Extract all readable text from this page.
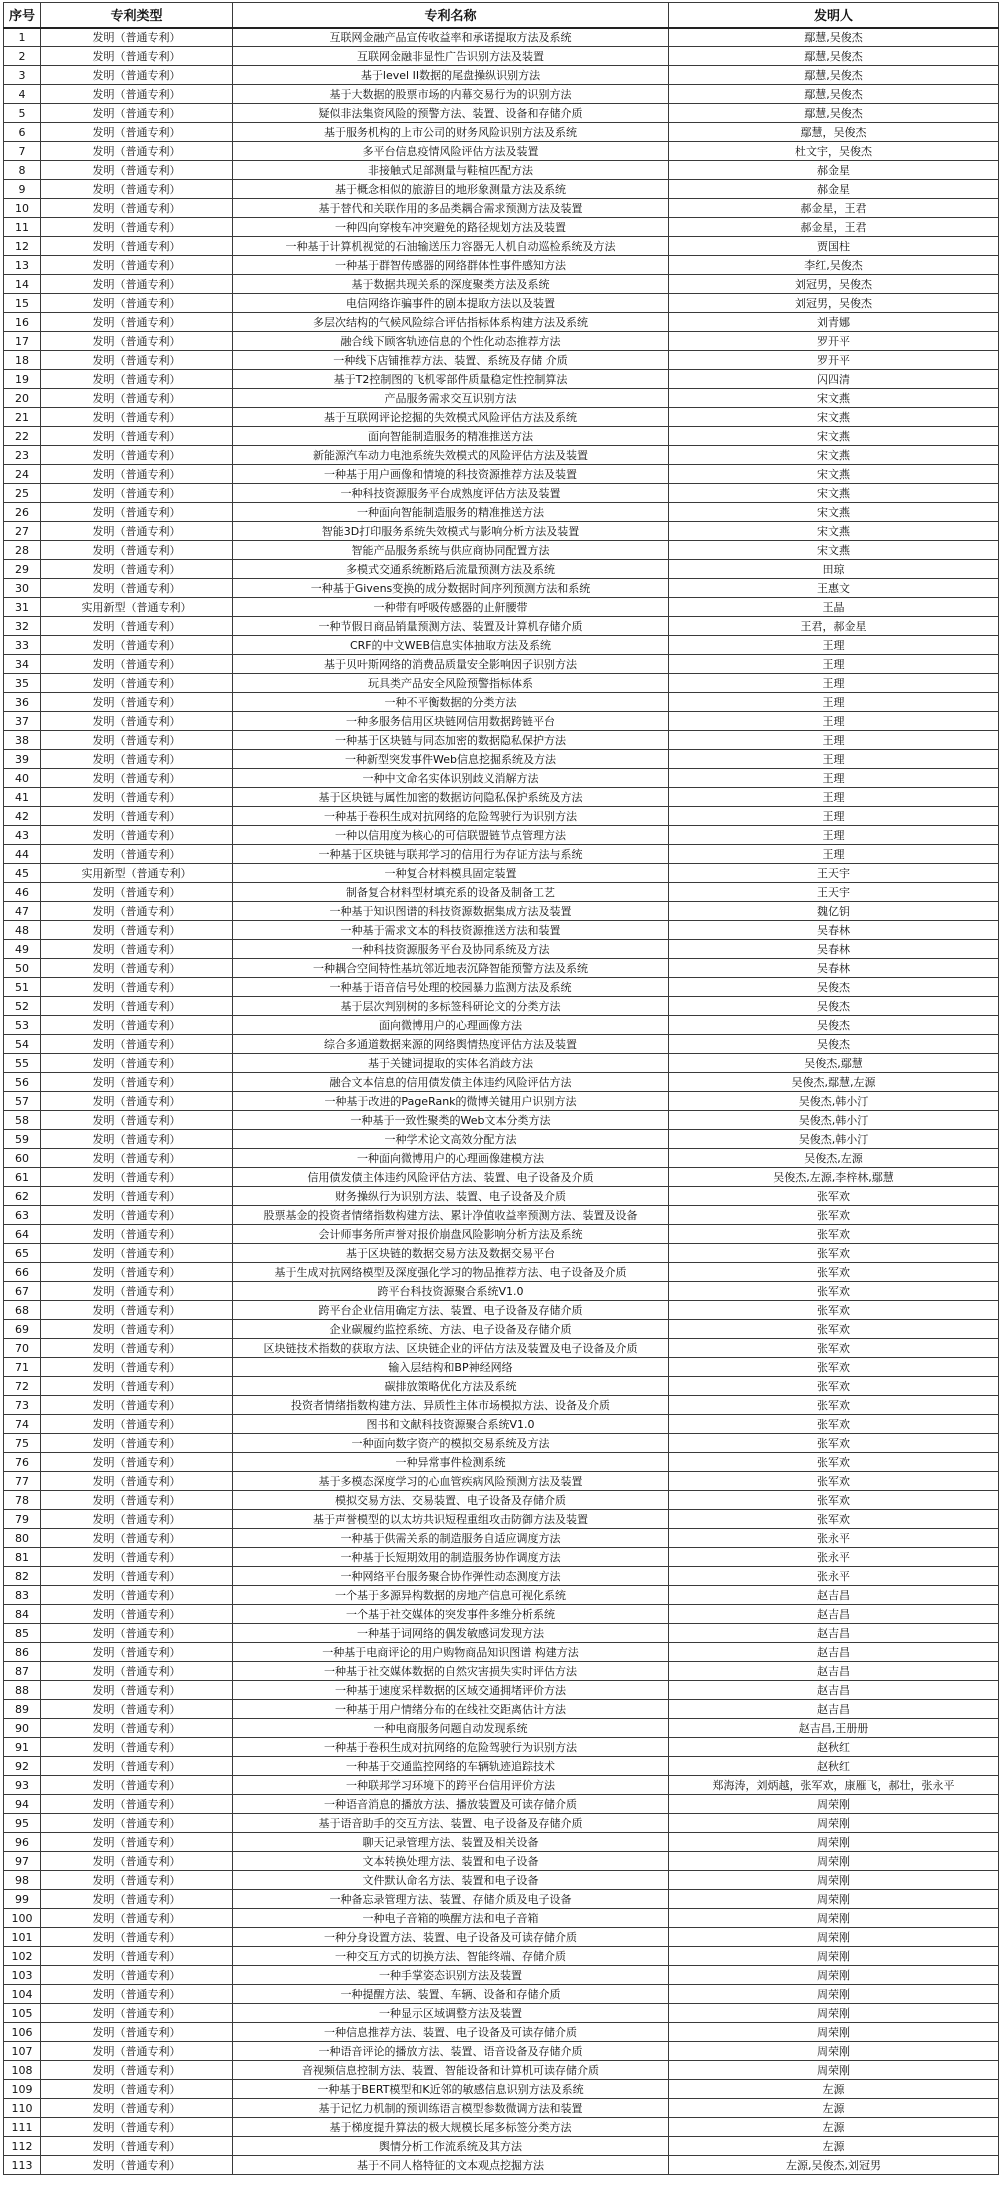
序号	专利类型	专利名称	发明人
1	发明（普通专利）	互联网金融产品宣传收益率和承诺提取方法及系统	鄢慧,吴俊杰
2	发明（普通专利）	互联网金融非显性广告识别方法及装置	鄢慧,吴俊杰
3	发明（普通专利）	基于level II数据的尾盘操纵识别方法	鄢慧,吴俊杰
4	发明（普通专利）	基于大数据的股票市场的内幕交易行为的识别方法	鄢慧,吴俊杰
5	发明（普通专利）	疑似非法集资风险的预警方法、装置、设备和存储介质	鄢慧,吴俊杰
6	发明（普通专利）	基于服务机构的上市公司的财务风险识别方法及系统	鄢慧，吴俊杰
7	发明（普通专利）	多平台信息疫情风险评估方法及装置	杜文宇，吴俊杰
8	发明（普通专利）	非接触式足部测量与鞋楦匹配方法	郝金星
9	发明（普通专利）	基于概念相似的旅游目的地形象测量方法及系统	郝金星
10	发明（普通专利）	基于替代和关联作用的多品类耦合需求预测方法及装置	郝金星，王君
11	发明（普通专利）	一种四向穿梭车冲突避免的路径规划方法及装置	郝金星，王君
12	发明（普通专利）	一种基于计算机视觉的石油输送压力容器无人机自动巡检系统及方法	贾国柱
13	发明（普通专利）	一种基于群智传感器的网络群体性事件感知方法	李红,吴俊杰
14	发明（普通专利）	基于数据共现关系的深度聚类方法及系统	刘冠男，吴俊杰
15	发明（普通专利）	电信网络诈骗事件的剧本提取方法以及装置	刘冠男，吴俊杰
16	发明（普通专利）	多层次结构的气候风险综合评估指标体系构建方法及系统	刘青娜
17	发明（普通专利）	融合线下顾客轨迹信息的个性化动态推荐方法	罗开平
18	发明（普通专利）	一种线下店铺推荐方法、装置、系统及存储 介质	罗开平
19	发明（普通专利）	基于T2控制图的飞机零部件质量稳定性控制算法	闪四清
20	发明（普通专利）	产品服务需求交互识别方法	宋文燕
21	发明（普通专利）	基于互联网评论挖掘的失效模式风险评估方法及系统	宋文燕
22	发明（普通专利）	面向智能制造服务的精准推送方法	宋文燕
23	发明（普通专利）	新能源汽车动力电池系统失效模式的风险评估方法及装置	宋文燕
24	发明（普通专利）	一种基于用户画像和情境的科技资源推荐方法及装置	宋文燕
25	发明（普通专利）	一种科技资源服务平台成熟度评估方法及装置	宋文燕
26	发明（普通专利）	一种面向智能制造服务的精准推送方法	宋文燕
27	发明（普通专利）	智能3D打印服务系统失效模式与影响分析方法及装置	宋文燕
28	发明（普通专利）	智能产品服务系统与供应商协同配置方法	宋文燕
29	发明（普通专利）	多模式交通系统断路后流量预测方法及系统	田琼
30	发明（普通专利）	一种基于Givens变换的成分数据时间序列预测方法和系统	王惠文
31	实用新型（普通专利）	一种带有呼吸传感器的止鼾腰带	王晶
32	发明（普通专利）	一种节假日商品销量预测方法、装置及计算机存储介质	王君，郝金星
33	发明（普通专利）	CRF的中文WEB信息实体抽取方法及系统	王理
34	发明（普通专利）	基于贝叶斯网络的消费品质量安全影响因子识别方法	王理
35	发明（普通专利）	玩具类产品安全风险预警指标体系	王理
36	发明（普通专利）	一种不平衡数据的分类方法	王理
37	发明（普通专利）	一种多服务信用区块链网信用数据跨链平台	王理
38	发明（普通专利）	一种基于区块链与同态加密的数据隐私保护方法	王理
39	发明（普通专利）	一种新型突发事件Web信息挖掘系统及方法	王理
40	发明（普通专利）	一种中文命名实体识别歧义消解方法	王理
41	发明（普通专利）	基于区块链与属性加密的数据访问隐私保护系统及方法	王理
42	发明（普通专利）	一种基于卷积生成对抗网络的危险驾驶行为识别方法	王理
43	发明（普通专利）	一种以信用度为核心的可信联盟链节点管理方法	王理
44	发明（普通专利）	一种基于区块链与联邦学习的信用行为存证方法与系统	王理
45	实用新型（普通专利）	一种复合材料模具固定装置	王天宇
46	发明（普通专利）	制备复合材料型材填充系的设备及制备工艺	王天宇
47	发明（普通专利）	一种基于知识图谱的科技资源数据集成方法及装置	魏亿钥
48	发明（普通专利）	一种基于需求文本的科技资源推送方法和装置	吴春林
49	发明（普通专利）	一种科技资源服务平台及协同系统及方法	吴春林
50	发明（普通专利）	一种耦合空间特性基坑邻近地表沉降智能预警方法及系统	吴春林
51	发明（普通专利）	一种基于语音信号处理的校园暴力监测方法及系统	吴俊杰
52	发明（普通专利）	基于层次判别树的多标签科研论文的分类方法	吴俊杰
53	发明（普通专利）	面向微博用户的心理画像方法	吴俊杰
54	发明（普通专利）	综合多通道数据来源的网络舆情热度评估方法及装置	吴俊杰
55	发明（普通专利）	基于关键词提取的实体名消歧方法	吴俊杰,鄢慧
56	发明（普通专利）	融合文本信息的信用债发债主体违约风险评估方法	吴俊杰,鄢慧,左源
57	发明（普通专利）	一种基于改进的PageRank的微博关键用户识别方法	吴俊杰,韩小汀
58	发明（普通专利）	一种基于一致性聚类的Web文本分类方法	吴俊杰,韩小汀
59	发明（普通专利）	一种学术论文高效分配方法	吴俊杰,韩小汀
60	发明（普通专利）	一种面向微博用户的心理画像建模方法	吴俊杰,左源
61	发明（普通专利）	信用债发债主体违约风险评估方法、装置、电子设备及介质	吴俊杰,左源,李梓林,鄢慧
62	发明（普通专利）	财务操纵行为识别方法、装置、电子设备及介质	张军欢
63	发明（普通专利）	股票基金的投资者情绪指数构建方法、累计净值收益率预测方法、装置及设备	张军欢
64	发明（普通专利）	会计师事务所声誉对报价崩盘风险影响分析方法及系统	张军欢
65	发明（普通专利）	基于区块链的数据交易方法及数据交易平台	张军欢
66	发明（普通专利）	基于生成对抗网络模型及深度强化学习的物品推荐方法、电子设备及介质	张军欢
67	发明（普通专利）	跨平台科技资源聚合系统V1.0	张军欢
68	发明（普通专利）	跨平台企业信用确定方法、装置、电子设备及存储介质	张军欢
69	发明（普通专利）	企业碳履约监控系统、方法、电子设备及存储介质	张军欢
70	发明（普通专利）	区块链技术指数的获取方法、区块链企业的评估方法及装置及电子设备及介质	张军欢
71	发明（普通专利）	输入层结构和BP神经网络	张军欢
72	发明（普通专利）	碳排放策略优化方法及系统	张军欢
73	发明（普通专利）	投资者情绪指数构建方法、异质性主体市场模拟方法、设备及介质	张军欢
74	发明（普通专利）	图书和文献科技资源聚合系统V1.0	张军欢
75	发明（普通专利）	一种面向数字资产的模拟交易系统及方法	张军欢
76	发明（普通专利）	一种异常事件检测系统	张军欢
77	发明（普通专利）	基于多模态深度学习的心血管疾病风险预测方法及装置	张军欢
78	发明（普通专利）	模拟交易方法、交易装置、电子设备及存储介质	张军欢
79	发明（普通专利）	基于声誉模型的以太坊共识短程重组攻击防御方法及装置	张军欢
80	发明（普通专利）	一种基于供需关系的制造服务自适应调度方法	张永平
81	发明（普通专利）	一种基于长短期效用的制造服务协作调度方法	张永平
82	发明（普通专利）	一种网络平台服务聚合协作弹性动态测度方法	张永平
83	发明（普通专利）	一个基于多源异构数据的房地产信息可视化系统	赵吉昌
84	发明（普通专利）	一个基于社交媒体的突发事件多维分析系统	赵吉昌
85	发明（普通专利）	一种基于词网络的偶发敏感词发现方法	赵吉昌
86	发明（普通专利）	一种基于电商评论的用户购物商品知识图谱 构建方法	赵吉昌
87	发明（普通专利）	一种基于社交媒体数据的自然灾害损失实时评估方法	赵吉昌
88	发明（普通专利）	一种基于速度采样数据的区域交通拥堵评价方法	赵吉昌
89	发明（普通专利）	一种基于用户情绪分布的在线社交距离估计方法	赵吉昌
90	发明（普通专利）	一种电商服务问题自动发现系统	赵吉昌,王册册
91	发明（普通专利）	一种基于卷积生成对抗网络的危险驾驶行为识别方法	赵秋红
92	发明（普通专利）	一种基于交通监控网络的车辆轨迹追踪技术	赵秋红
93	发明（普通专利）	一种联邦学习环境下的跨平台信用评价方法	郑海涛，刘炳越，张军欢，康雁飞，郝壮，张永平
94	发明（普通专利）	一种语音消息的播放方法、播放装置及可读存储介质	周荣刚
95	发明（普通专利）	基于语音助手的交互方法、装置、电子设备及存储介质	周荣刚
96	发明（普通专利）	聊天记录管理方法、装置及相关设备	周荣刚
97	发明（普通专利）	文本转换处理方法、装置和电子设备	周荣刚
98	发明（普通专利）	文件默认命名方法、装置和电子设备	周荣刚
99	发明（普通专利）	一种备忘录管理方法、装置、存储介质及电子设备	周荣刚
100	发明（普通专利）	一种电子音箱的唤醒方法和电子音箱	周荣刚
101	发明（普通专利）	一种分身设置方法、装置、电子设备及可读存储介质	周荣刚
102	发明（普通专利）	一种交互方式的切换方法、智能终端、存储介质	周荣刚
103	发明（普通专利）	一种手掌姿态识别方法及装置	周荣刚
104	发明（普通专利）	一种提醒方法、装置、车辆、设备和存储介质	周荣刚
105	发明（普通专利）	一种显示区域调整方法及装置	周荣刚
106	发明（普通专利）	一种信息推荐方法、装置、电子设备及可读存储介质	周荣刚
107	发明（普通专利）	一种语音评论的播放方法、装置、语音设备及存储介质	周荣刚
108	发明（普通专利）	音视频信息控制方法、装置、智能设备和计算机可读存储介质	周荣刚
109	发明（普通专利）	一种基于BERT模型和K近邻的敏感信息识别方法及系统	左源
110	发明（普通专利）	基于记忆力机制的预训练语言模型参数微调方法和装置	左源
111	发明（普通专利）	基于梯度提升算法的极大规模长尾多标签分类方法	左源
112	发明（普通专利）	舆情分析工作流系统及其方法	左源
113	发明（普通专利）	基于不同人格特征的文本观点挖掘方法	左源,吴俊杰,刘冠男
